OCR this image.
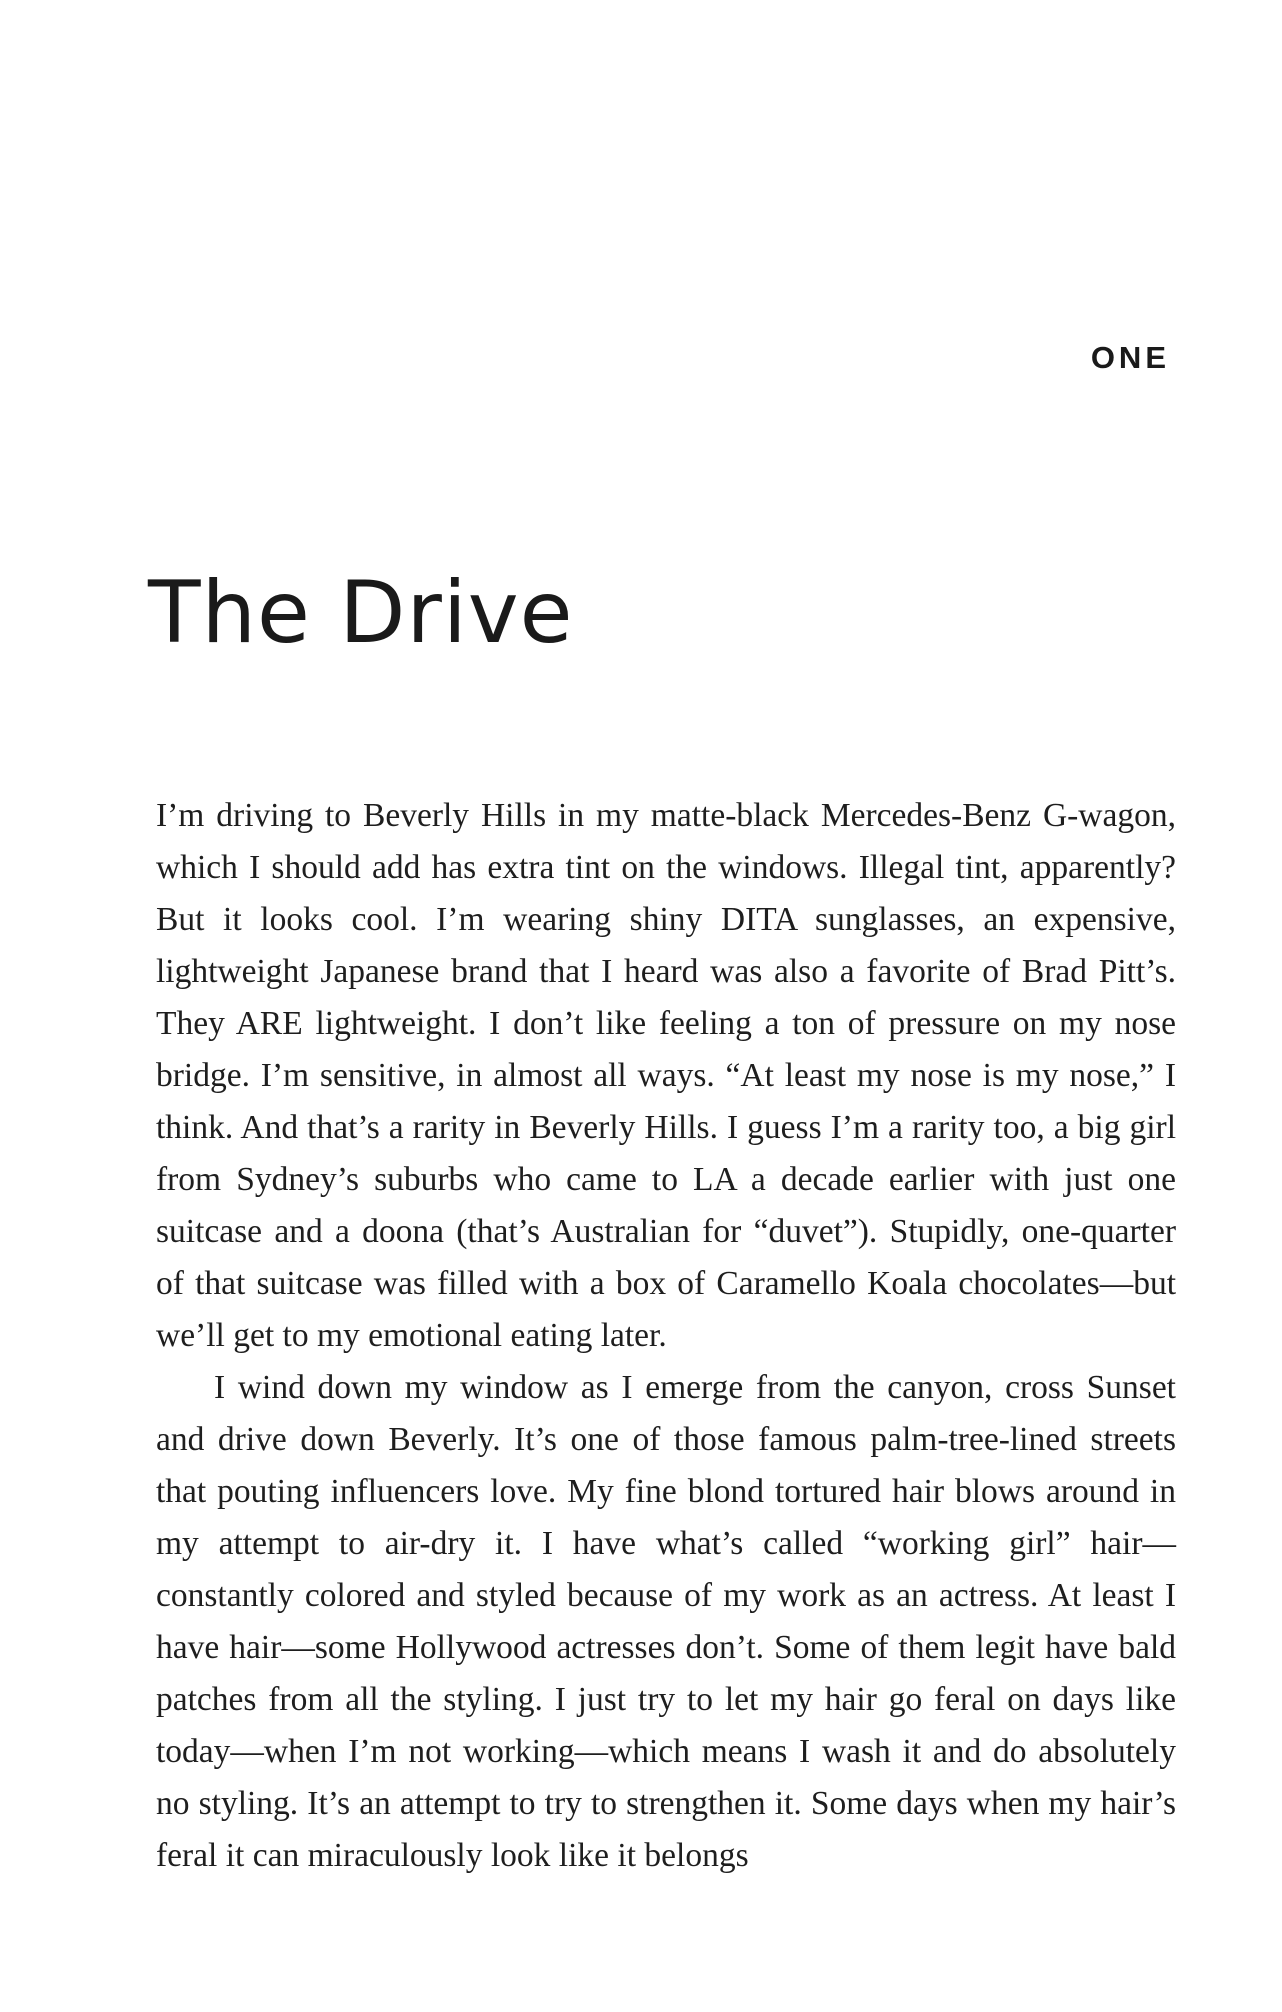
ONE
The Drive

I’m driving to Beverly Hills in my matte-black Mercedes-Benz G-wagon, which I should add has extra tint on the windows. Illegal tint, apparently? But it looks cool. I’m wearing shiny DITA sunglasses, an expensive, lightweight Japanese brand that I heard was also a favorite of Brad Pitt’s. They ARE lightweight. I don’t like feeling a ton of pressure on my nose bridge. I’m sensitive, in almost all ways. “At least my nose is my nose,” I think. And that’s a rarity in Beverly Hills. I guess I’m a rarity too, a big girl from Sydney’s suburbs who came to LA a decade earlier with just one suitcase and a doona (that’s Australian for “duvet”). Stupidly, one-quarter of that suitcase was filled with a box of Caramello Koala chocolates—but we’ll get to my emotional eating later.

I wind down my window as I emerge from the canyon, cross Sunset and drive down Beverly. It’s one of those famous palm-tree-lined streets that pouting influencers love. My fine blond tortured hair blows around in my attempt to air-dry it. I have what’s called “working girl” hair—constantly colored and styled because of my work as an actress. At least I have hair—some Hollywood actresses don’t. Some of them legit have bald patches from all the styling. I just try to let my hair go feral on days like today—when I’m not working—which means I wash it and do absolutely no styling. It’s an attempt to try to strengthen it. Some days when my hair’s feral it can miraculously look like it belongs
